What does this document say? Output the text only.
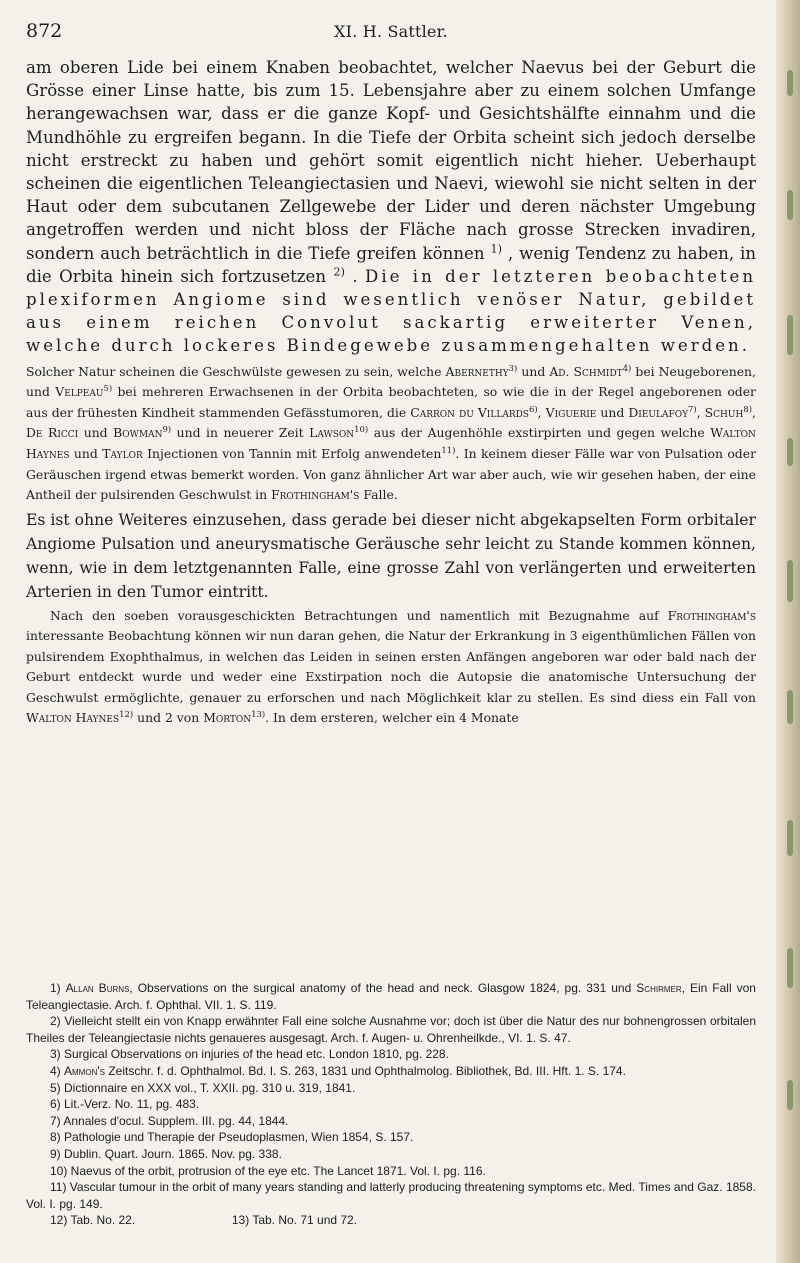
872	XI. H. Sattler.

am oberen Lide bei einem Knaben beobachtet, welcher Naevus bei der Geburt die Grösse einer Linse hatte, bis zum 15. Lebensjahre aber zu einem solchen Umfange herangewachsen war, dass er die ganze Kopf- und Gesichtshälfte einnahm und die Mundhöhle zu ergreifen begann. In die Tiefe der Orbita scheint sich jedoch derselbe nicht erstreckt zu haben und gehört somit eigentlich nicht hieher. Ueberhaupt scheinen die eigentlichen Teleangiectasien und Naevi, wiewohl sie nicht selten in der Haut oder dem subcutanen Zellgewebe der Lider und deren nächster Umgebung angetroffen werden und nicht bloss der Fläche nach grosse Strecken invadiren, sondern auch beträchtlich in die Tiefe greifen können $^{1)}$ , wenig Tendenz zu haben, in die Orbita hinein sich fortzusetzen $^{2)}$ . Die in der letzteren beobachteten plexiformen Angiome sind wesentlich venöser Natur, gebildet aus einem reichen Convolut sackartig erweiterter Venen, welche durch lockeres Bindegewebe zusammengehalten werden.

Solcher Natur scheinen die Geschwülste gewesen zu sein, welche Abernethy$^{3)}$ und Ad. Schmidt$^{4)}$ bei Neugeborenen, und Velpeau$^{5)}$ bei mehreren Erwachsenen in der Orbita beobachteten, so wie die in der Regel angeborenen oder aus der frühesten Kindheit stammenden Gefässtumoren, die Carron du Villards$^{6)}$, Viguerie und Dieulafoy$^{7)}$, Schuh$^{8)}$, De Ricci und Bowman$^{9)}$ und in neuerer Zeit Lawson$^{10)}$ aus der Augenhöhle exstirpirten und gegen welche Walton Haynes und Taylor Injectionen von Tannin mit Erfolg anwendeten$^{11)}$. In keinem dieser Fälle war von Pulsation oder Geräuschen irgend etwas bemerkt worden. Von ganz ähnlicher Art war aber auch, wie wir gesehen haben, der eine Antheil der pulsirenden Geschwulst in Frothingham's Falle.

Es ist ohne Weiteres einzusehen, dass gerade bei dieser nicht abgekapselten Form orbitaler Angiome Pulsation und aneurysmatische Geräusche sehr leicht zu Stande kommen können, wenn, wie in dem letztgenannten Falle, eine grosse Zahl von verlängerten und erweiterten Arterien in den Tumor eintritt.

Nach den soeben vorausgeschickten Betrachtungen und namentlich mit Bezugnahme auf Frothingham's interessante Beobachtung können wir nun daran gehen, die Natur der Erkrankung in 3 eigenthümlichen Fällen von pulsirendem Exophthalmus, in welchen das Leiden in seinen ersten Anfängen angeboren war oder bald nach der Geburt entdeckt wurde und weder eine Exstirpation noch die Autopsie die anatomische Untersuchung der Geschwulst ermöglichte, genauer zu erforschen und nach Möglichkeit klar zu stellen. Es sind diess ein Fall von Walton Haynes$^{12)}$ und 2 von Morton$^{13)}$. In dem ersteren, welcher ein 4 Monate

1) Allan Burns, Observations on the surgical anatomy of the head and neck. Glasgow 1824, pg. 331 und Schirmer, Ein Fall von Teleangiectasie. Arch. f. Ophthal. VII. 1. S. 119.

2) Vielleicht stellt ein von Knapp erwähnter Fall eine solche Ausnahme vor; doch ist über die Natur des nur bohnengrossen orbitalen Theiles der Teleangiectasie nichts genaueres ausgesagt. Arch. f. Augen- u. Ohrenheilkde., VI. 1. S. 47.

3) Surgical Observations on injuries of the head etc. London 1810, pg. 228.

4) Ammon's Zeitschr. f. d. Ophthalmol. Bd. I. S. 263, 1831 und Ophthalmolog. Bibliothek, Bd. III. Hft. 1. S. 174.

5) Dictionnaire en XXX vol., T. XXII. pg. 310 u. 319, 1841.

6) Lit.-Verz. No. 11, pg. 483.

7) Annales d'ocul. Supplem. III. pg. 44, 1844.

8) Pathologie und Therapie der Pseudoplasmen, Wien 1854, S. 157.

9) Dublin. Quart. Journ. 1865. Nov. pg. 338.

10) Naevus of the orbit, protrusion of the eye etc. The Lancet 1871. Vol. I. pg. 116.

11) Vascular tumour in the orbit of many years standing and latterly producing threatening symptoms etc. Med. Times and Gaz. 1858. Vol. I. pg. 149.

12) Tab. No. 22.	13) Tab. No. 71 und 72.
